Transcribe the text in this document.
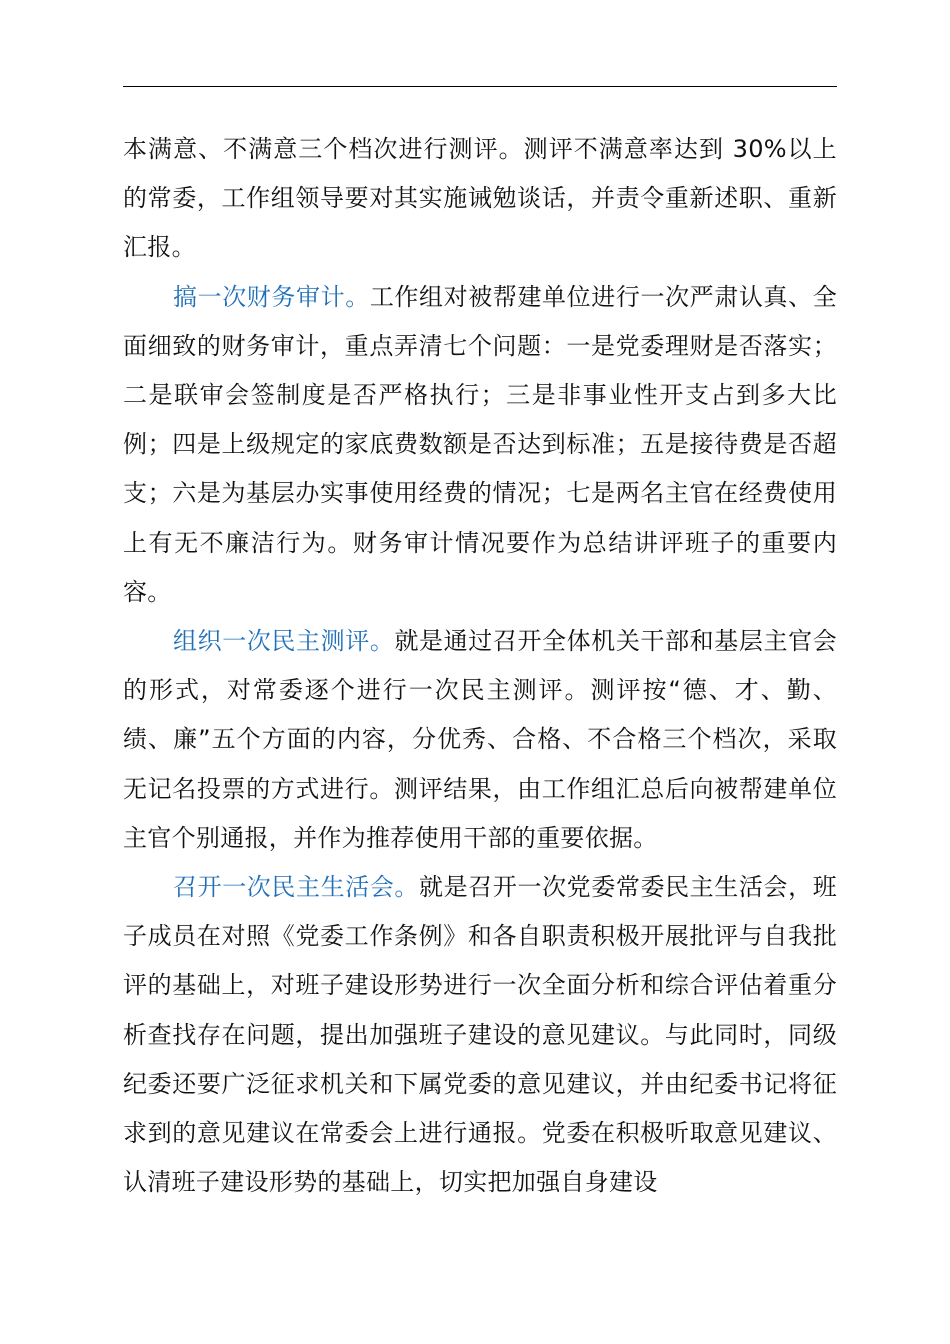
本满意、不满意三个档次进行测评。测评不满意率达到 30%以上的常委，工作组领导要对其实施诫勉谈话，并责令重新述职、重新汇报。

搞一次财务审计。工作组对被帮建单位进行一次严肃认真、全面细致的财务审计，重点弄清七个问题：一是党委理财是否落实；二是联审会签制度是否严格执行；三是非事业性开支占到多大比例；四是上级规定的家底费数额是否达到标准；五是接待费是否超支；六是为基层办实事使用经费的情况；七是两名主官在经费使用上有无不廉洁行为。财务审计情况要作为总结讲评班子的重要内容。

组织一次民主测评。就是通过召开全体机关干部和基层主官会的形式，对常委逐个进行一次民主测评。测评按“德、才、勤、绩、廉”五个方面的内容，分优秀、合格、不合格三个档次，采取无记名投票的方式进行。测评结果，由工作组汇总后向被帮建单位主官个别通报，并作为推荐使用干部的重要依据。

召开一次民主生活会。就是召开一次党委常委民主生活会，班子成员在对照《党委工作条例》和各自职责积极开展批评与自我批评的基础上，对班子建设形势进行一次全面分析和综合评估着重分析查找存在问题，提出加强班子建设的意见建议。与此同时，同级纪委还要广泛征求机关和下属党委的意见建议，并由纪委书记将征求到的意见建议在常委会上进行通报。党委在积极听取意见建议、认清班子建设形势的基础上，切实把加强自身建设
